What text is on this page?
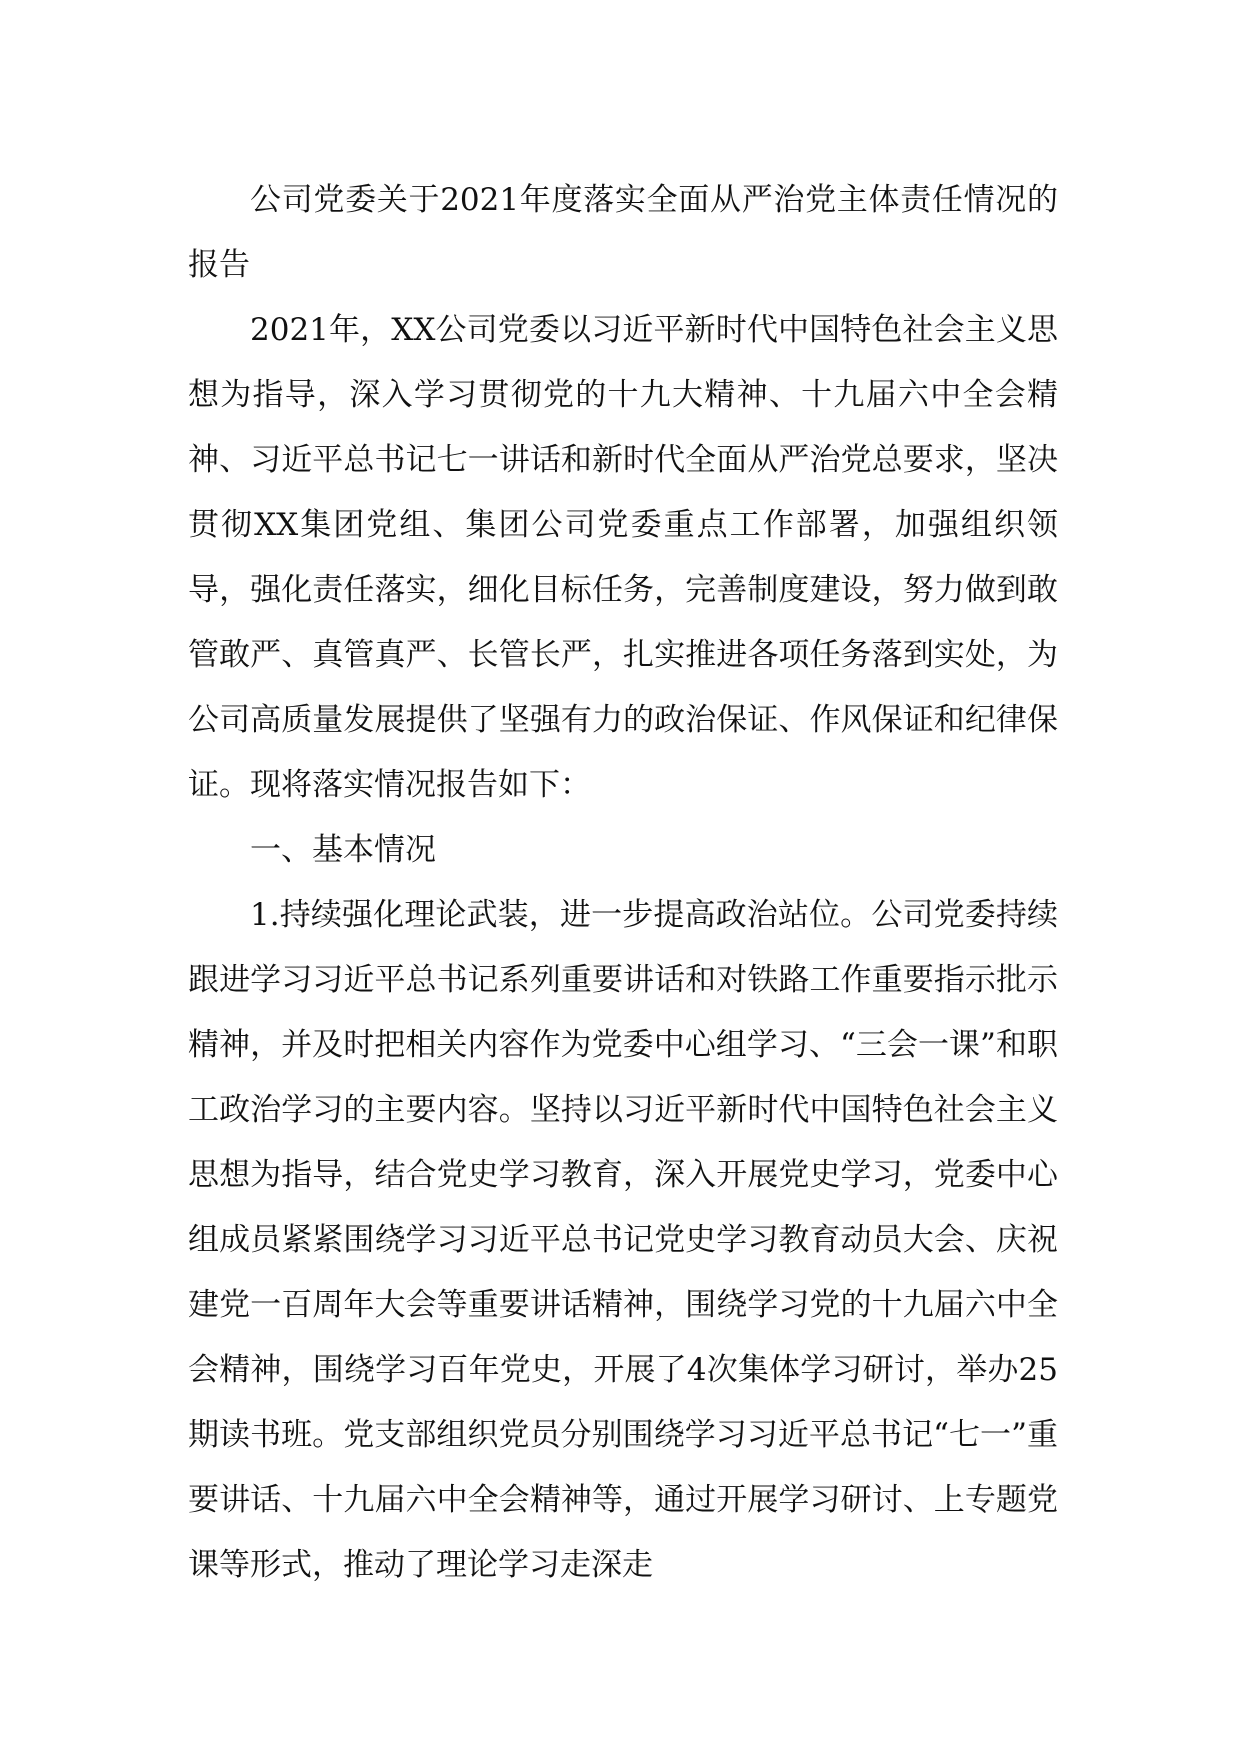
公司党委关于2021年度落实全面从严治党主体责任情况的报告

2021年，XX公司党委以习近平新时代中国特色社会主义思想为指导，深入学习贯彻党的十九大精神、十九届六中全会精神、习近平总书记七一讲话和新时代全面从严治党总要求，坚决贯彻XX集团党组、集团公司党委重点工作部署，加强组织领导，强化责任落实，细化目标任务，完善制度建设，努力做到敢管敢严、真管真严、长管长严，扎实推进各项任务落到实处，为公司高质量发展提供了坚强有力的政治保证、作风保证和纪律保证。现将落实情况报告如下：

一、基本情况

1.持续强化理论武装，进一步提高政治站位。公司党委持续跟进学习习近平总书记系列重要讲话和对铁路工作重要指示批示精神，并及时把相关内容作为党委中心组学习、“三会一课”和职工政治学习的主要内容。坚持以习近平新时代中国特色社会主义思想为指导，结合党史学习教育，深入开展党史学习，党委中心组成员紧紧围绕学习习近平总书记党史学习教育动员大会、庆祝建党一百周年大会等重要讲话精神，围绕学习党的十九届六中全会精神，围绕学习百年党史，开展了4次集体学习研讨，举办25期读书班。党支部组织党员分别围绕学习习近平总书记“七一”重要讲话、十九届六中全会精神等，通过开展学习研讨、上专题党课等形式，推动了理论学习走深走
